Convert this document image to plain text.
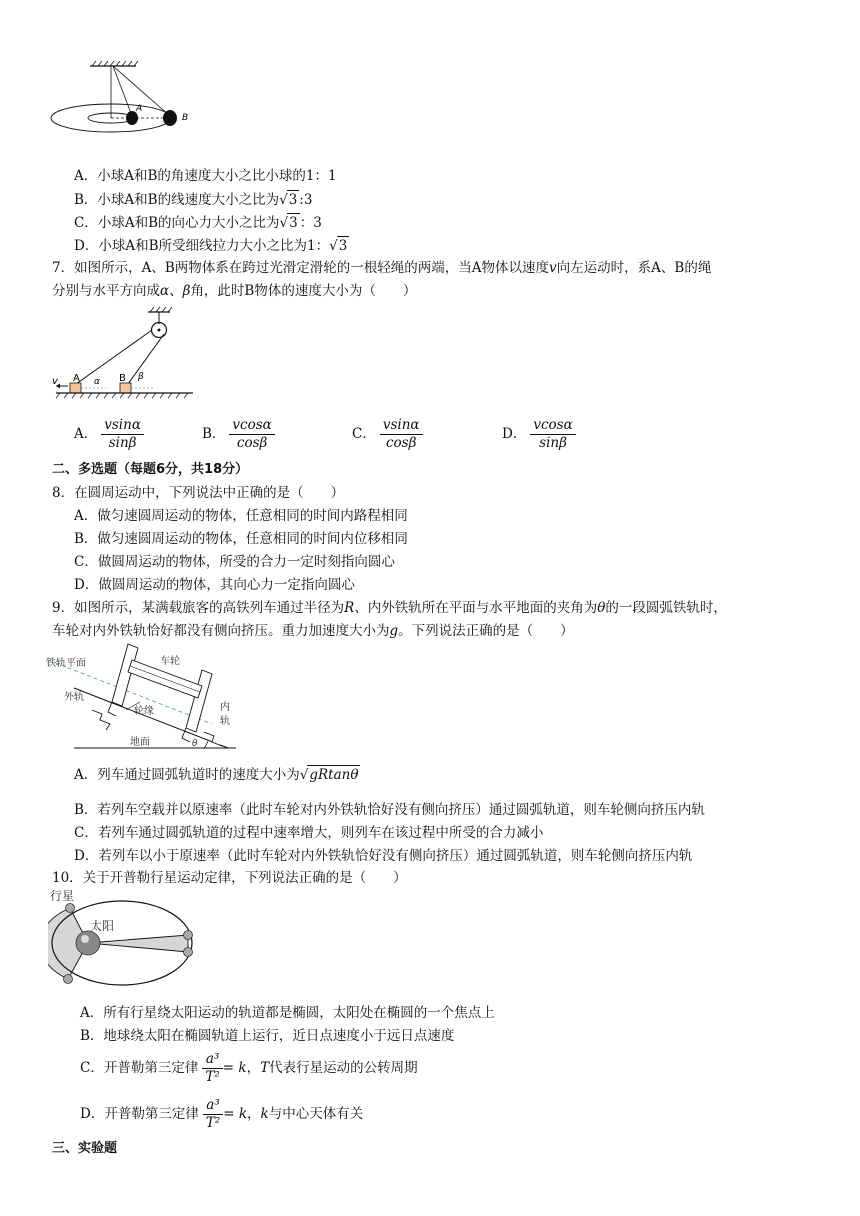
A
B
A．小球A和B的角速度大小之比小球的1：1
B．小球A和B的线速度大小之比为√3 :3
C．小球A和B的向心力大小之比为√3 ：3
D．小球A和B所受细线拉力大小之比为1：√3
7．如图所示，A、B两物体系在跨过光滑定滑轮的一根轻绳的两端，当A物体以速度v向左运动时，系A、B的绳
分别与水平方向成α、β角，此时B物体的速度大小为（　　）
v A	B
α	β
A． $\frac{vsin\alpha}{\sin\beta}$	B． $\frac{vcos\alpha}{\cos\beta}$	C． $\frac{vsin\alpha}{\cos\beta}$	D． $\frac{vcos\alpha}{\sin\beta}$
二、多选题（每题6分，共18分）
8．在圆周运动中，下列说法中正确的是（　　）
A．做匀速圆周运动的物体，任意相同的时间内路程相同
B．做匀速圆周运动的物体，任意相同的时间内位移相同
C．做圆周运动的物体，所受的合力一定时刻指向圆心
D．做圆周运动的物体，其向心力一定指向圆心
9．如图所示，某满载旅客的高铁列车通过半径为R、内外铁轨所在平面与水平地面的夹角为θ的一段圆弧铁轨时，
车轮对内外铁轨恰好都没有侧向挤压。重力加速度大小为g。下列说法正确的是（　　）
铁轨平面	车轮
外轨
轮缘	内
轨
地面	θ
A．列车通过圆弧轨道时的速度大小为√gRtanθ
B．若列车空载并以原速率（此时车轮对内外铁轨恰好没有侧向挤压）通过圆弧轨道，则车轮侧向挤压内轨
C．若列车通过圆弧轨道的过程中速率增大，则列车在该过程中所受的合力减小
D．若列车以小于原速率（此时车轮对内外铁轨恰好没有侧向挤压）通过圆弧轨道，则车轮侧向挤压内轨
10．关于开普勒行星运动定律，下列说法正确的是（　　）
行星
太阳
A．所有行星绕太阳运动的轨道都是椭圆，太阳处在椭圆的一个焦点上
B．地球绕太阳在椭圆轨道上运行，近日点速度小于远日点速度
C．开普勒第三定律 $\frac{\text{a³}}{\text{T²}} = k$，T代表行星运动的公转周期
D．开普勒第三定律 $\frac{\text{a³}}{\text{T²}} = k$，k与中心天体有关
三、实验题
